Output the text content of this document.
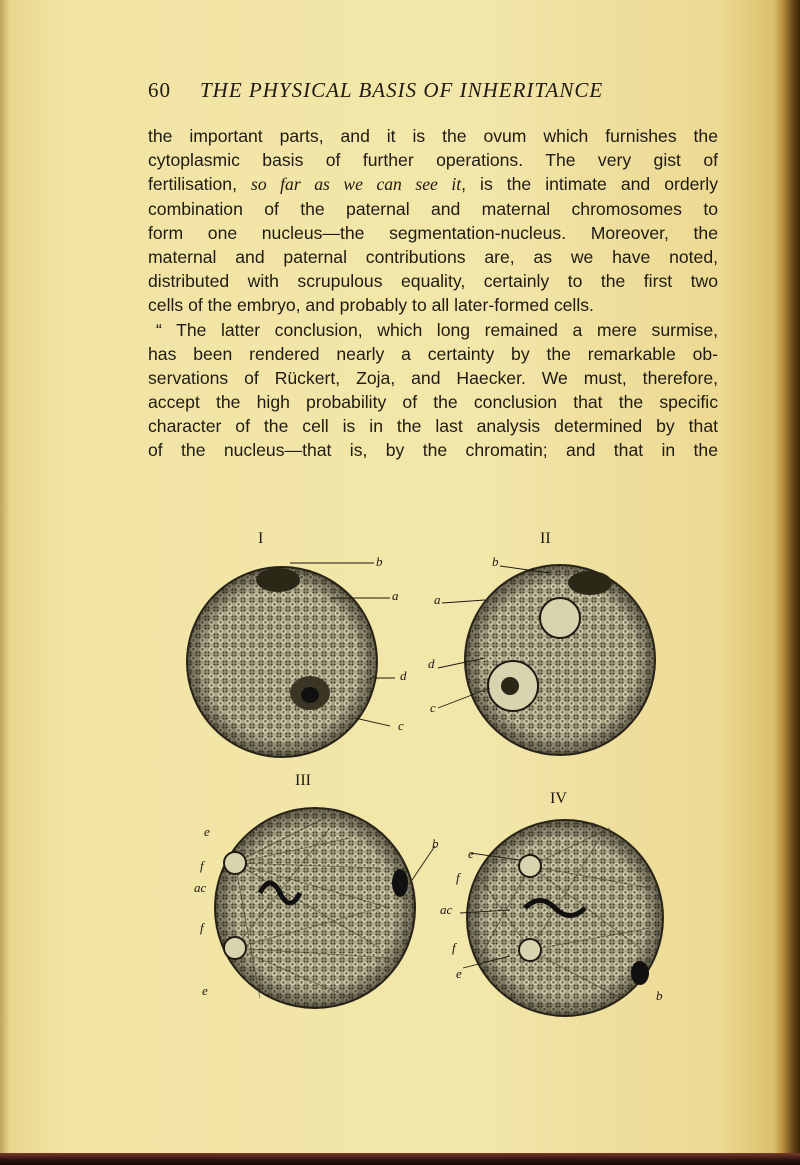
60 THE PHYSICAL BASIS OF INHERITANCE
the important parts, and it is the ovum which furnishes the
cytoplasmic basis of further operations. The very gist of
fertilisation, so far as we can see it, is the intimate and orderly
combination of the paternal and maternal chromosomes to
form one nucleus—the segmentation-nucleus. Moreover, the
maternal and paternal contributions are, as we have noted,
distributed with scrupulous equality, certainly to the first two
cells of the embryo, and probably to all later-formed cells.
“ The latter conclusion, which long remained a mere surmise,
has been rendered nearly a certainty by the remarkable ob-
servations of Rückert, Zoja, and Haecker. We must, therefore,
accept the high probability of the conclusion that the specific
character of the cell is in the last analysis determined by that
of the nucleus—that is, by the chromatin; and that in the
I	II
III
IV
b
a
d
c
b
a
d
c
e
f
ac
f
e
b
e
f
ac
f
e
b
